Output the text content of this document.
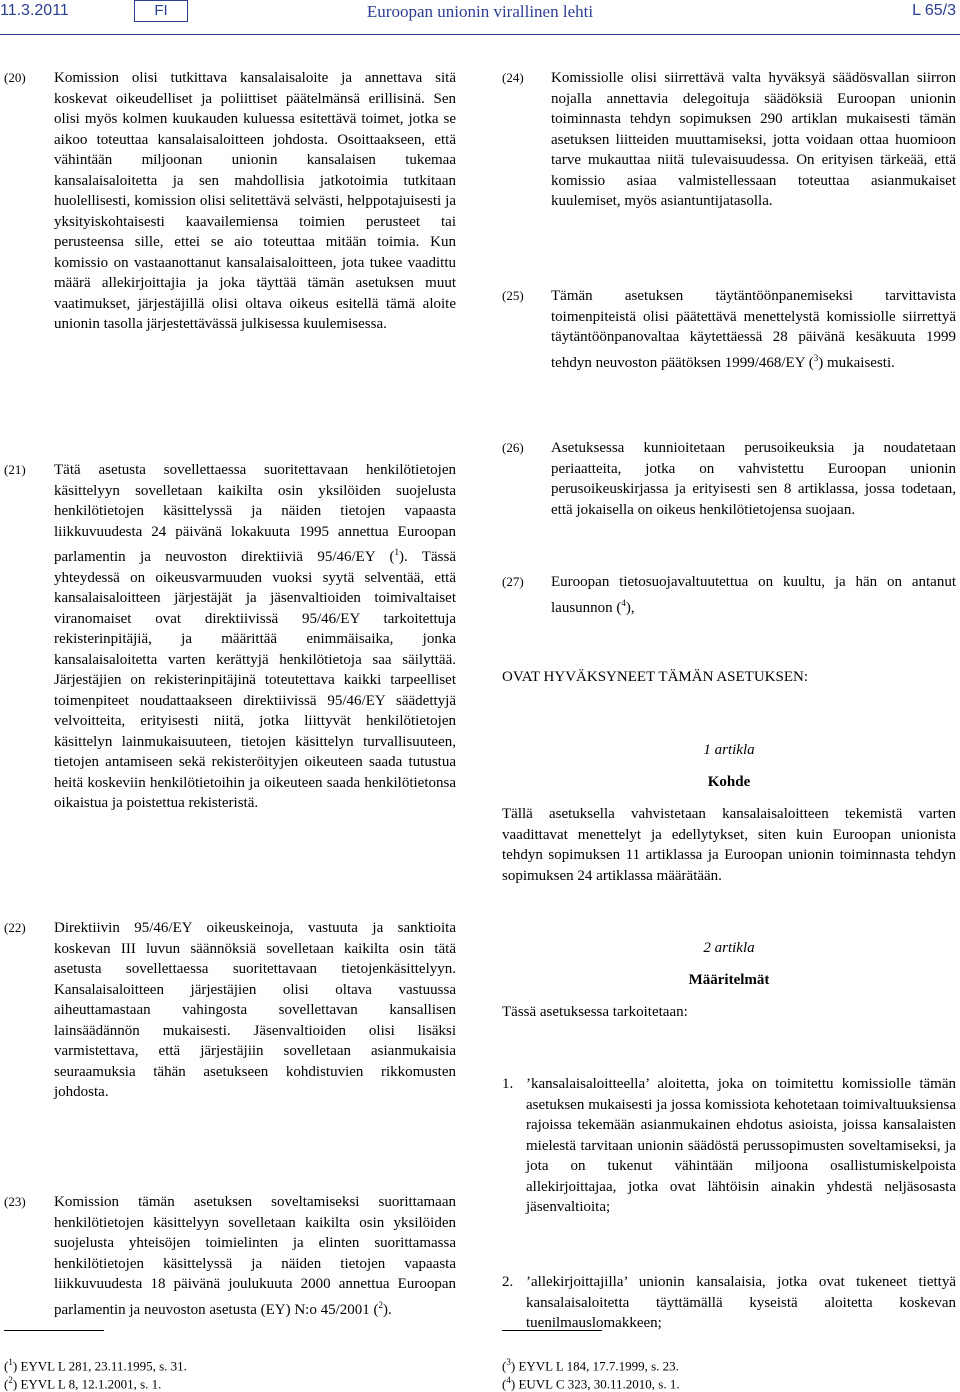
11.3.2011	FI	Euroopan unionin virallinen lehti	L 65/3
(20) Komission olisi tutkittava kansalaisaloite ja annettava sitä koskevat oikeudelliset ja poliittiset päätelmänsä erillisinä. Sen olisi myös kolmen kuukauden kuluessa esitettävä toimet, jotka se aikoo toteuttaa kansalaisaloitteen johdosta. Osoittaakseen, että vähintään miljoonan unionin kansalaisen tukemaa kansalaisaloitetta ja sen mahdollisia jatkotoimia tutkitaan huolellisesti, komission olisi selitettävä selvästi, helppotajuisesti ja yksityiskohtaisesti kaavailemiensa toimien perusteet tai perusteensa sille, ettei se aio toteuttaa mitään toimia. Kun komissio on vastaanottanut kansalaisaloitteen, jota tukee vaadittu määrä allekirjoittajia ja joka täyttää tämän asetuksen muut vaatimukset, järjestäjillä olisi oltava oikeus esitellä tämä aloite unionin tasolla järjestettävässä julkisessa kuulemisessa.
(21) Tätä asetusta sovellettaessa suoritettavaan henkilötietojen käsittelyyn sovelletaan kaikilta osin yksilöiden suojelusta henkilötietojen käsittelyssä ja näiden tietojen vapaasta liikkuvuudesta 24 päivänä lokakuuta 1995 annettua Euroopan parlamentin ja neuvoston direktiiviä 95/46/EY ($^1$). Tässä yhteydessä on oikeusvarmuuden vuoksi syytä selventää, että kansalaisaloitteen järjestäjät ja jäsenvaltioiden toimivaltaiset viranomaiset ovat direktiivissä 95/46/EY tarkoitettuja rekisterinpitäjiä, ja määrittää enimmäisaika, jonka kansalaisaloitetta varten kerättyjä henkilötietoja saa säilyttää. Järjestäjien on rekisterinpitäjinä toteutettava kaikki tarpeelliset toimenpiteet noudattaakseen direktiivissä 95/46/EY säädettyjä velvoitteita, erityisesti niitä, jotka liittyvät henkilötietojen käsittelyn lainmukaisuuteen, tietojen käsittelyn turvallisuuteen, tietojen antamiseen sekä rekisteröityjen oikeuteen saada tutustua heitä koskeviin henkilötietoihin ja oikeuteen saada henkilötietonsa oikaistua ja poistettua rekisteristä.
(22) Direktiivin 95/46/EY oikeuskeinoja, vastuuta ja sanktioita koskevan III luvun säännöksiä sovelletaan kaikilta osin tätä asetusta sovellettaessa suoritettavaan tietojenkäsittelyyn. Kansalaisaloitteen järjestäjien olisi oltava vastuussa aiheuttamastaan vahingosta sovellettavan kansallisen lainsäädännön mukaisesti. Jäsenvaltioiden olisi lisäksi varmistettava, että järjestäjiin sovelletaan asianmukaisia seuraamuksia tähän asetukseen kohdistuvien rikkomusten johdosta.
(23) Komission tämän asetuksen soveltamiseksi suorittamaan henkilötietojen käsittelyyn sovelletaan kaikilta osin yksilöiden suojelusta yhteisöjen toimielinten ja elinten suorittamassa henkilötietojen käsittelyssä ja näiden tietojen vapaasta liikkuvuudesta 18 päivänä joulukuuta 2000 annettua Euroopan parlamentin ja neuvoston asetusta (EY) N:o 45/2001 ($^2$).
($^1$) EYVL L 281, 23.11.1995, s. 31.
($^2$) EYVL L 8, 12.1.2001, s. 1.
(24) Komissiolle olisi siirrettävä valta hyväksyä säädösvallan siirron nojalla annettavia delegoituja säädöksiä Euroopan unionin toiminnasta tehdyn sopimuksen 290 artiklan mukaisesti tämän asetuksen liitteiden muuttamiseksi, jotta voidaan ottaa huomioon tarve mukauttaa niitä tulevaisuudessa. On erityisen tärkeää, että komissio asiaa valmistellessaan toteuttaa asianmukaiset kuulemiset, myös asiantuntijatasolla.
(25) Tämän asetuksen täytäntöönpanemiseksi tarvittavista toimenpiteistä olisi päätettävä menettelystä komissiolle siirrettyä täytäntöönpanovaltaa käytettäessä 28 päivänä kesäkuuta 1999 tehdyn neuvoston päätöksen 1999/468/EY ($^3$) mukaisesti.
(26) Asetuksessa kunnioitetaan perusoikeuksia ja noudatetaan periaatteita, jotka on vahvistettu Euroopan unionin perusoikeuskirjassa ja erityisesti sen 8 artiklassa, jossa todetaan, että jokaisella on oikeus henkilötietojensa suojaan.
(27) Euroopan tietosuojavaltuutettua on kuultu, ja hän on antanut lausunnon ($^4$),
OVAT HYVÄKSYNEET TÄMÄN ASETUKSEN:
1 artikla
Kohde
Tällä asetuksella vahvistetaan kansalaisaloitteen tekemistä varten vaadittavat menettelyt ja edellytykset, siten kuin Euroopan unionista tehdyn sopimuksen 11 artiklassa ja Euroopan unionin toiminnasta tehdyn sopimuksen 24 artiklassa määrätään.
2 artikla
Määritelmät
Tässä asetuksessa tarkoitetaan:
1. ’kansalaisaloitteella’ aloitetta, joka on toimitettu komissiolle tämän asetuksen mukaisesti ja jossa komissiota kehotetaan toimivaltuuksiensa rajoissa tekemään asianmukainen ehdotus asioista, joissa kansalaisten mielestä tarvitaan unionin säädöstä perussopimusten soveltamiseksi, ja jota on tukenut vähintään miljoona osallistumiskelpoista allekirjoittajaa, jotka ovat lähtöisin ainakin yhdestä neljäsosasta jäsenvaltioita;
2. ’allekirjoittajilla’ unionin kansalaisia, jotka ovat tukeneet tiettyä kansalaisaloitetta täyttämällä kyseistä aloitetta koskevan tuenilmauslomakkeen;
($^3$) EYVL L 184, 17.7.1999, s. 23.
($^4$) EUVL C 323, 30.11.2010, s. 1.
